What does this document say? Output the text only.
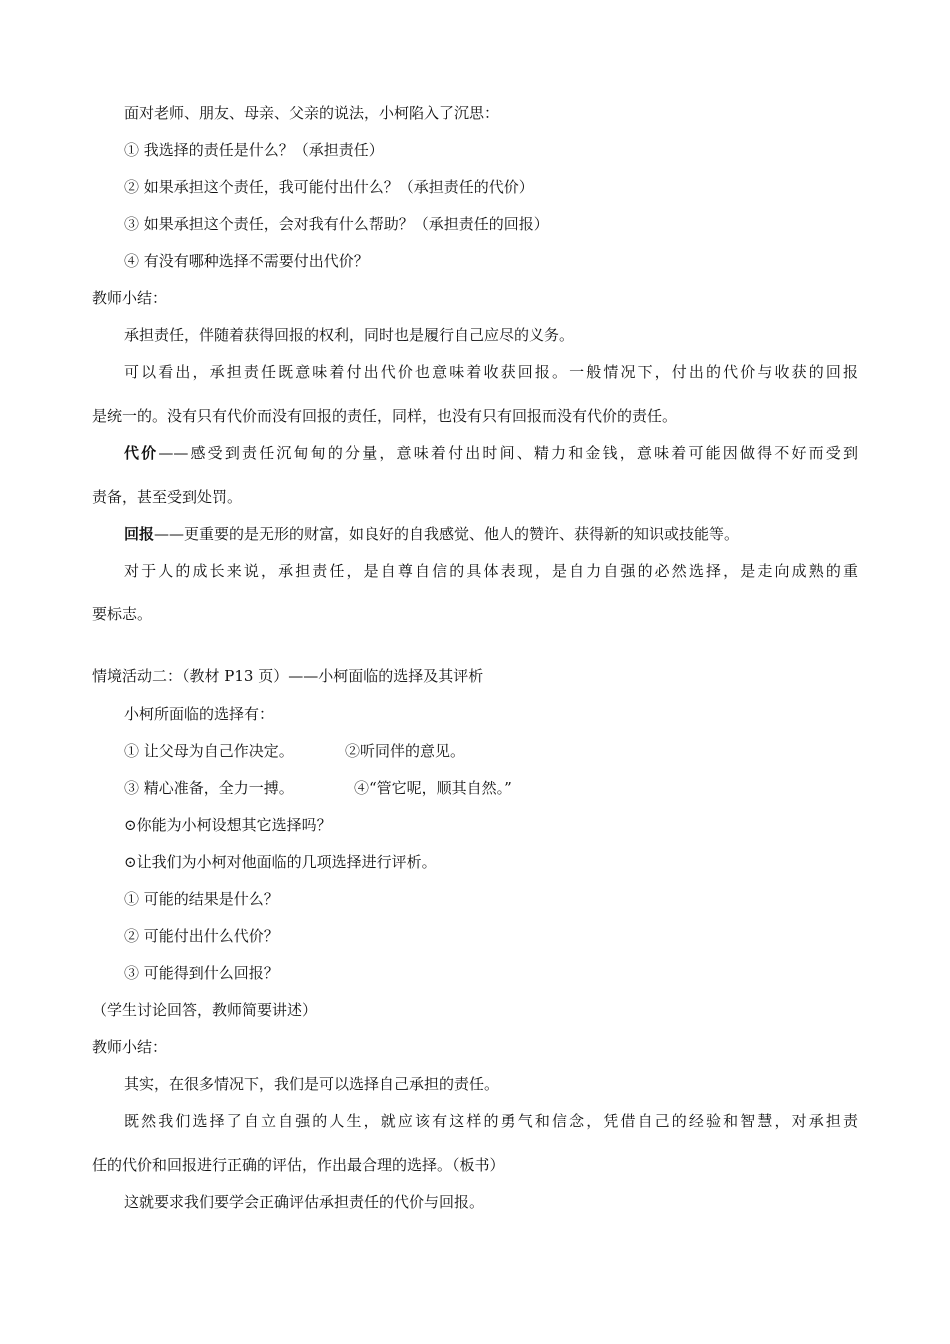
面对老师、朋友、母亲、父亲的说法，小柯陷入了沉思：
① 我选择的责任是什么？（承担责任）
② 如果承担这个责任，我可能付出什么？（承担责任的代价）
③ 如果承担这个责任，会对我有什么帮助？（承担责任的回报）
④ 有没有哪种选择不需要付出代价？
教师小结：
承担责任，伴随着获得回报的权利，同时也是履行自己应尽的义务。
可以看出，承担责任既意味着付出代价也意味着收获回报。一般情况下，付出的代价与收获的回报
是统一的。没有只有代价而没有回报的责任，同样，也没有只有回报而没有代价的责任。
代价——感受到责任沉甸甸的分量，意味着付出时间、精力和金钱，意味着可能因做得不好而受到
责备，甚至受到处罚。
回报——更重要的是无形的财富，如良好的自我感觉、他人的赞许、获得新的知识或技能等。
对于人的成长来说，承担责任，是自尊自信的具体表现，是自力自强的必然选择，是走向成熟的重
要标志。
情境活动二：（教材 P13 页）——小柯面临的选择及其评析
小柯所面临的选择有：
① 让父母为自己作决定。	②听同伴的意见。
③ 精心准备，全力一搏。	④“管它呢，顺其自然。”
⊙你能为小柯设想其它选择吗？
⊙让我们为小柯对他面临的几项选择进行评析。
① 可能的结果是什么？
② 可能付出什么代价？
③ 可能得到什么回报？
（学生讨论回答，教师简要讲述）
教师小结：
其实，在很多情况下，我们是可以选择自己承担的责任。
既然我们选择了自立自强的人生，就应该有这样的勇气和信念，凭借自己的经验和智慧，对承担责
任的代价和回报进行正确的评估，作出最合理的选择。（板书）
这就要求我们要学会正确评估承担责任的代价与回报。
